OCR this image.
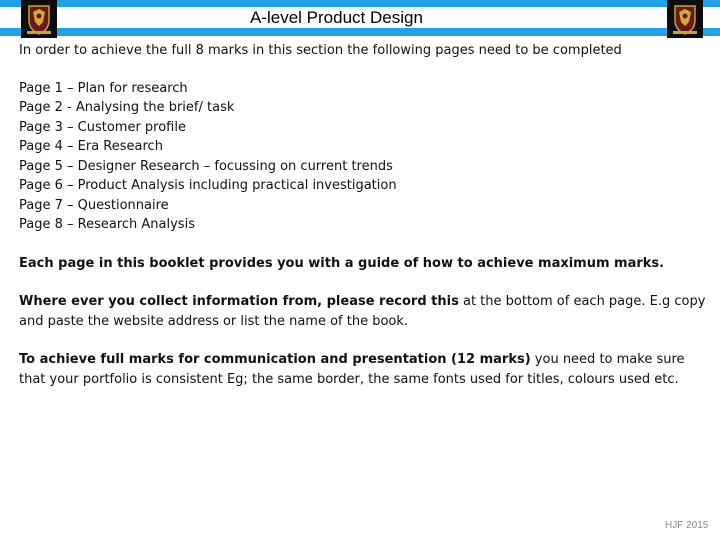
A-level Product Design

In order to achieve the full 8 marks in this section the following pages need to be completed

Page 1 – Plan for research

Page 2 - Analysing the brief/ task

Page 3 – Customer profile

Page 4 – Era Research

Page 5 – Designer Research – focussing on current trends

Page 6 – Product Analysis including practical investigation

Page 7 – Questionnaire

Page 8 – Research Analysis

Each page in this booklet provides you with a guide of how to achieve maximum marks.

Where ever you collect information from, please record this at the bottom of each page. E.g copy and paste the website address or list the name of the book.

To achieve full marks for communication and presentation (12 marks) you need to make sure that your portfolio is consistent Eg; the same border, the same fonts used for titles, colours used etc.

HJF 2015
